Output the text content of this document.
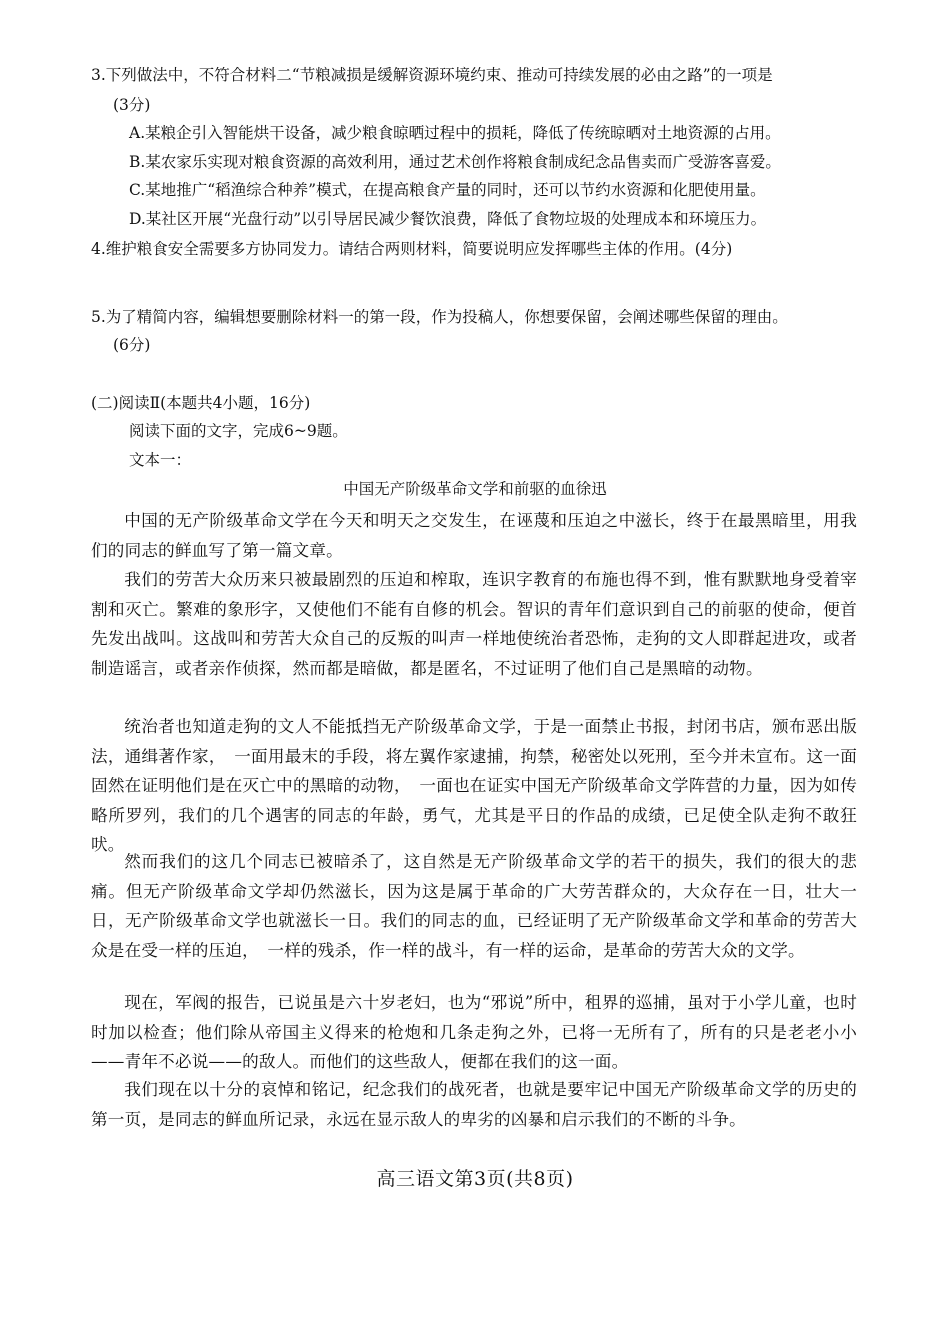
3.下列做法中，不符合材料二“节粮减损是缓解资源环境约束、推动可持续发展的必由之路”的一项是
(3分)
A.某粮企引入智能烘干设备，减少粮食晾晒过程中的损耗，降低了传统晾晒对土地资源的占用。
B.某农家乐实现对粮食资源的高效利用，通过艺术创作将粮食制成纪念品售卖而广受游客喜爱。
C.某地推广“稻渔综合种养”模式，在提高粮食产量的同时，还可以节约水资源和化肥使用量。
D.某社区开展“光盘行动”以引导居民减少餐饮浪费，降低了食物垃圾的处理成本和环境压力。
4.维护粮食安全需要多方协同发力。请结合两则材料，简要说明应发挥哪些主体的作用。(4分)
5.为了精简内容，编辑想要删除材料一的第一段，作为投稿人，你想要保留，会阐述哪些保留的理由。
(6分)
(二)阅读Ⅱ(本题共4小题，16分)
阅读下面的文字，完成6~9题。
文本一：
中国无产阶级革命文学和前驱的血徐迅

中国的无产阶级革命文学在今天和明天之交发生，在诬蔑和压迫之中滋长，终于在最黑暗里，用我们的同志的鲜血写了第一篇文章。

我们的劳苦大众历来只被最剧烈的压迫和榨取，连识字教育的布施也得不到，惟有默默地身受着宰割和灭亡。繁难的象形字，又使他们不能有自修的机会。智识的青年们意识到自己的前驱的使命，便首先发出战叫。这战叫和劳苦大众自己的反叛的叫声一样地使统治者恐怖，走狗的文人即群起进攻，或者制造谣言，或者亲作侦探，然而都是暗做，都是匿名，不过证明了他们自己是黑暗的动物。

统治者也知道走狗的文人不能抵挡无产阶级革命文学，于是一面禁止书报，封闭书店，颁布恶出版法，通缉著作家，　一面用最末的手段，将左翼作家逮捕，拘禁，秘密处以死刑，至今并未宣布。这一面固然在证明他们是在灭亡中的黑暗的动物，　一面也在证实中国无产阶级革命文学阵营的力量，因为如传略所罗列，我们的几个遇害的同志的年龄，勇气，尤其是平日的作品的成绩，已足使全队走狗不敢狂吠。

然而我们的这几个同志已被暗杀了，这自然是无产阶级革命文学的若干的损失，我们的很大的悲痛。但无产阶级革命文学却仍然滋长，因为这是属于革命的广大劳苦群众的，大众存在一日，壮大一日，无产阶级革命文学也就滋长一日。我们的同志的血，已经证明了无产阶级革命文学和革命的劳苦大众是在受一样的压迫，　一样的残杀，作一样的战斗，有一样的运命，是革命的劳苦大众的文学。

现在，军阀的报告，已说虽是六十岁老妇，也为“邪说”所中，租界的巡捕，虽对于小学儿童，也时时加以检查；他们除从帝国主义得来的枪炮和几条走狗之外，已将一无所有了，所有的只是老老小小——青年不必说——的敌人。而他们的这些敌人，便都在我们的这一面。

我们现在以十分的哀悼和铭记，纪念我们的战死者，也就是要牢记中国无产阶级革命文学的历史的第一页，是同志的鲜血所记录，永远在显示敌人的卑劣的凶暴和启示我们的不断的斗争。

高三语文第3页(共8页)
